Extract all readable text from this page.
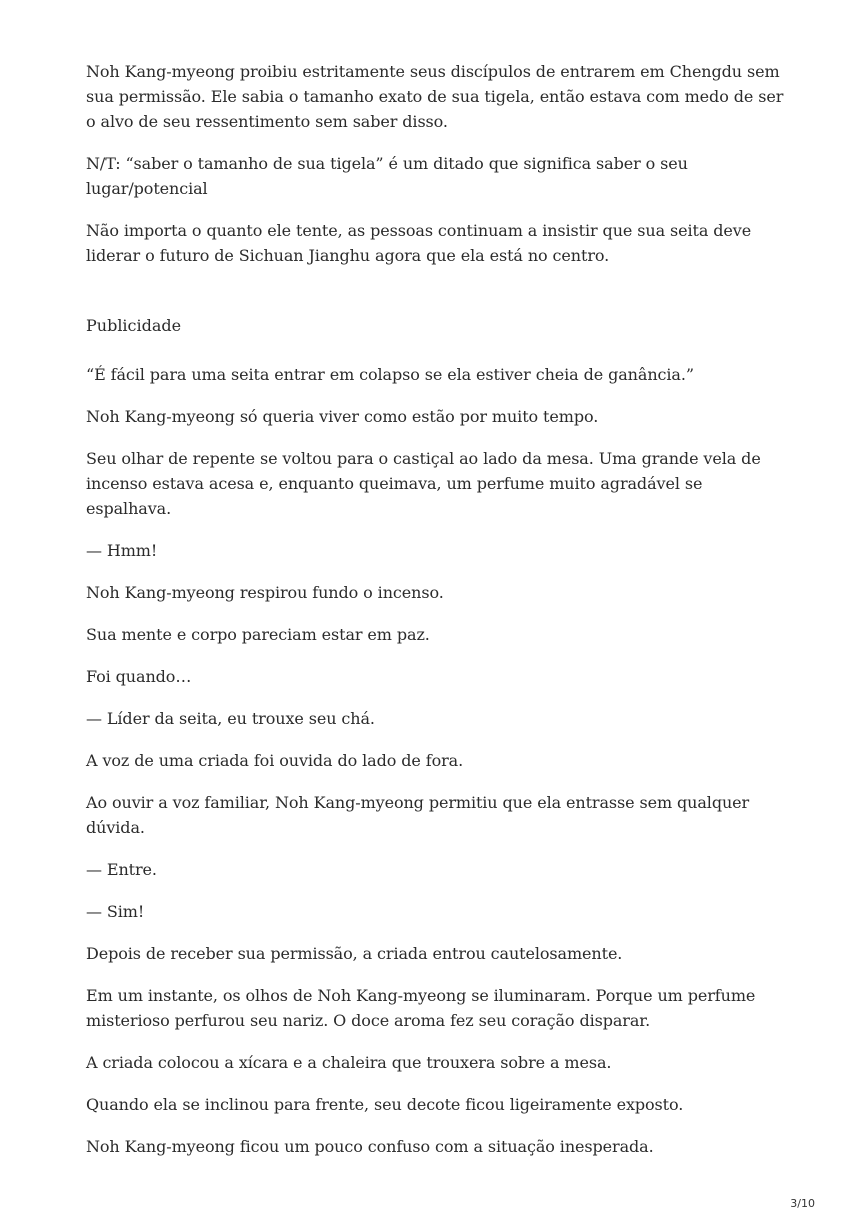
Noh Kang-myeong proibiu estritamente seus discípulos de entrarem em Chengdu sem sua permissão. Ele sabia o tamanho exato de sua tigela, então estava com medo de ser o alvo de seu ressentimento sem saber disso.

N/T: “saber o tamanho de sua tigela” é um ditado que significa saber o seu lugar/potencial

Não importa o quanto ele tente, as pessoas continuam a insistir que sua seita deve liderar o futuro de Sichuan Jianghu agora que ela está no centro.

Publicidade

“É fácil para uma seita entrar em colapso se ela estiver cheia de ganância.”

Noh Kang-myeong só queria viver como estão por muito tempo.

Seu olhar de repente se voltou para o castiçal ao lado da mesa. Uma grande vela de incenso estava acesa e, enquanto queimava, um perfume muito agradável se espalhava.

— Hmm!

Noh Kang-myeong respirou fundo o incenso.

Sua mente e corpo pareciam estar em paz.

Foi quando…

— Líder da seita, eu trouxe seu chá.

A voz de uma criada foi ouvida do lado de fora.

Ao ouvir a voz familiar, Noh Kang-myeong permitiu que ela entrasse sem qualquer dúvida.

— Entre.

— Sim!

Depois de receber sua permissão, a criada entrou cautelosamente.

Em um instante, os olhos de Noh Kang-myeong se iluminaram. Porque um perfume misterioso perfurou seu nariz. O doce aroma fez seu coração disparar.

A criada colocou a xícara e a chaleira que trouxera sobre a mesa.

Quando ela se inclinou para frente, seu decote ficou ligeiramente exposto.

Noh Kang-myeong ficou um pouco confuso com a situação inesperada.

3/10
